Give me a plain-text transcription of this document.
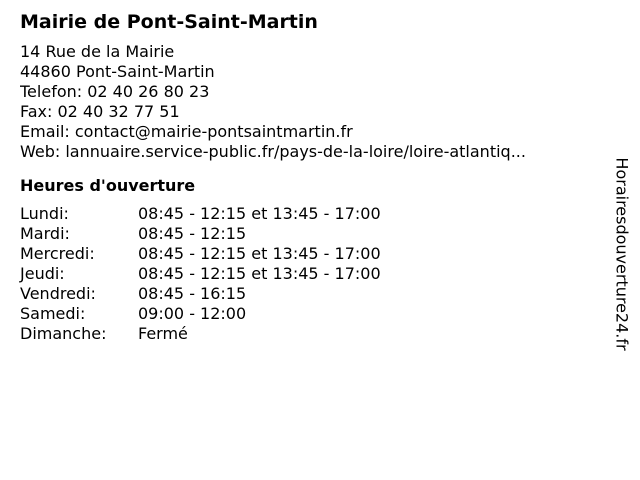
Mairie de Pont-Saint-Martin
14 Rue de la Mairie
44860 Pont-Saint-Martin
Telefon: 02 40 26 80 23
Fax: 02 40 32 77 51
Email: contact@mairie-pontsaintmartin.fr
Web: lannuaire.service-public.fr/pays-de-la-loire/loire-atlantiq...
Heures d'ouverture
Lundi:	08:45 - 12:15 et 13:45 - 17:00
Mardi:	08:45 - 12:15
Mercredi:	08:45 - 12:15 et 13:45 - 17:00
Jeudi:	08:45 - 12:15 et 13:45 - 17:00
Vendredi:	08:45 - 16:15
Samedi:	09:00 - 12:00
Dimanche:	Fermé	Horairesdouverture24.fr
